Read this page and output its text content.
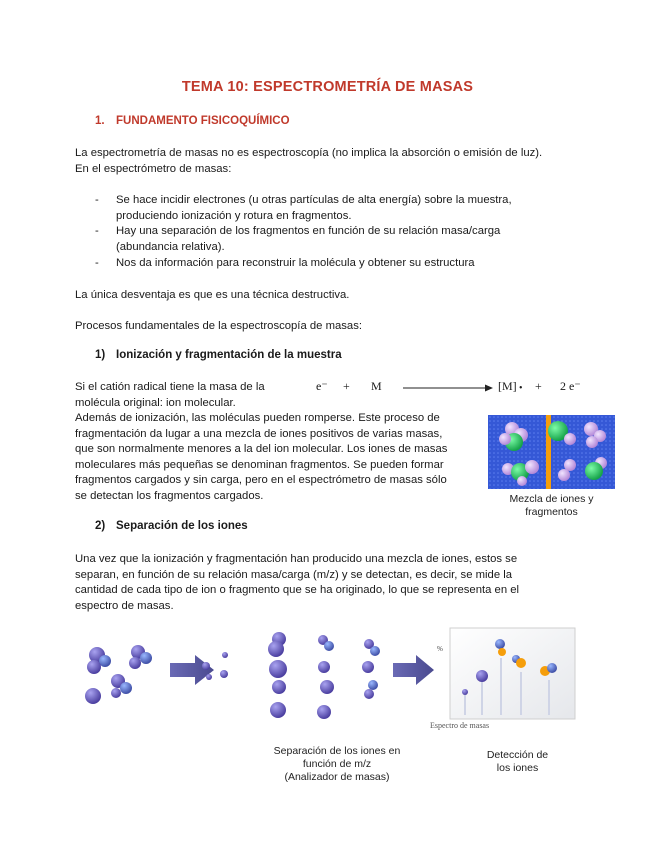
TEMA 10: ESPECTROMETRÍA DE MASAS
1. FUNDAMENTO FISICOQUÍMICO
La espectrometría de masas no es espectroscopía (no implica la absorción o emisión de luz).
En el espectrómetro de masas:
- Se hace incidir electrones (u otras partículas de alta energía) sobre la muestra,
produciendo ionización y rotura en fragmentos.
- Hay una separación de los fragmentos en función de su relación masa/carga
(abundancia relativa).
- Nos da información para reconstruir la molécula y obtener su estructura
La única desventaja es que es una técnica destructiva.
Procesos fundamentales de la espectroscopía de masas:
1) Ionización y fragmentación de la muestra
Si el catión radical tiene la masa de la
molécula original: ion molecular.
e⁻ + M	[M] • + 2 e⁻
Además de ionización, las moléculas pueden romperse. Este proceso de
fragmentación da lugar a una mezcla de iones positivos de varias masas,
que son normalmente menores a la del ion molecular. Los iones de masas
moleculares más pequeñas se denominan fragmentos. Se pueden formar
fragmentos cargados y sin carga, pero en el espectrómetro de masas sólo
se detectan los fragmentos cargados.	Mezcla de iones y
fragmentos
2) Separación de los iones
Una vez que la ionización y fragmentación han producido una mezcla de iones, estos se
separan, en función de su relación masa/carga (m/z) y se detectan, es decir, se mide la
cantidad de cada tipo de ion o fragmento que se ha originado, lo que se representa en el
espectro de masas.
%
Espectro de masas
Separación de los iones en
función de m/z
(Analizador de masas)
Detección de
los iones
